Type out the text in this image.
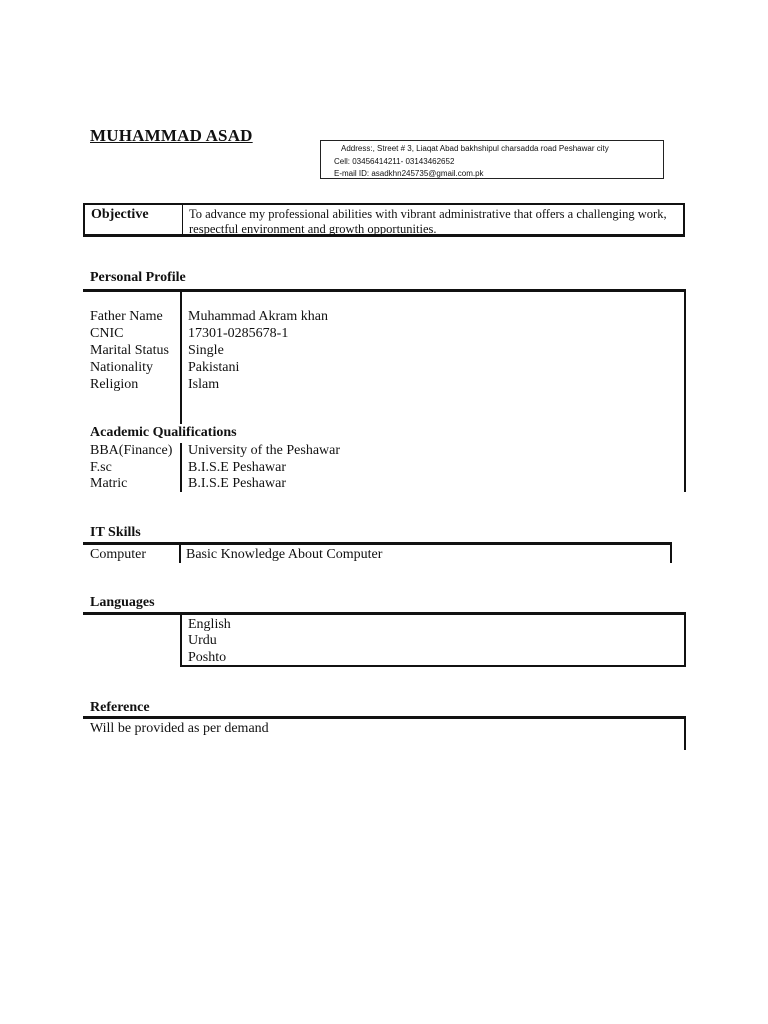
MUHAMMAD ASAD
Address:, Street # 3, Liaqat Abad bakhshipul charsadda road Peshawar city
Cell: 03456414211- 03143462652
E-mail ID: asadkhn245735@gmail.com.pk
Objective	To advance my professional abilities with vibrant administrative that offers a challenging work, respectful environment and growth opportunities.
Personal Profile
Father Name Muhammad Akram khan
CNIC	17301-0285678-1
Marital Status Single
Nationality	Pakistani
Religion	Islam
Academic Qualifications
BBA(Finance) University of the Peshawar
F.sc	B.I.S.E Peshawar
Matric	B.I.S.E Peshawar
IT Skills
Computer	Basic Knowledge About Computer
Languages
English
Urdu
Poshto
Reference
Will be provided as per demand
